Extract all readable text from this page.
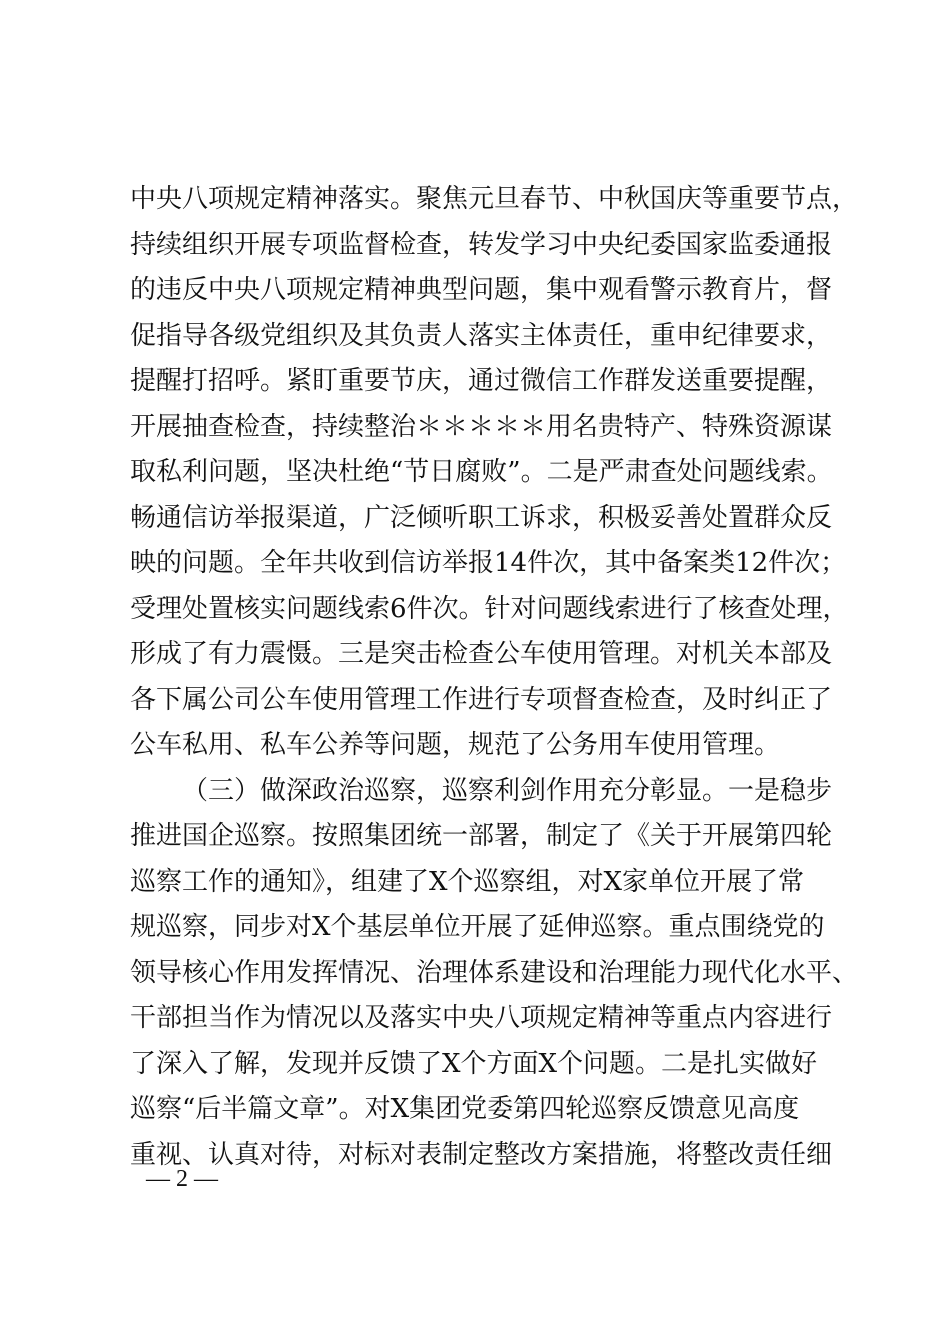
中央八项规定精神落实。聚焦元旦春节、中秋国庆等重要节点，
持续组织开展专项监督检查，转发学习中央纪委国家监委通报
的违反中央八项规定精神典型问题，集中观看警示教育片，督
促指导各级党组织及其负责人落实主体责任，重申纪律要求，
提醒打招呼。紧盯重要节庆，通过微信工作群发送重要提醒，
开展抽查检查，持续整治＊＊＊＊＊用名贵特产、特殊资源谋
取私利问题，坚决杜绝“节日腐败”。二是严肃查处问题线索。
畅通信访举报渠道，广泛倾听职工诉求，积极妥善处置群众反
映的问题。全年共收到信访举报14件次，其中备案类12件次；
受理处置核实问题线索6件次。针对问题线索进行了核查处理，
形成了有力震慑。三是突击检查公车使用管理。对机关本部及
各下属公司公车使用管理工作进行专项督查检查，及时纠正了
公车私用、私车公养等问题，规范了公务用车使用管理。
（三）做深政治巡察，巡察利剑作用充分彰显。一是稳步
推进国企巡察。按照集团统一部署，制定了《关于开展第四轮
巡察工作的通知》，组建了X个巡察组，对X家单位开展了常
规巡察，同步对X个基层单位开展了延伸巡察。重点围绕党的
领导核心作用发挥情况、治理体系建设和治理能力现代化水平、
干部担当作为情况以及落实中央八项规定精神等重点内容进行
了深入了解，发现并反馈了X个方面X个问题。二是扎实做好
巡察“后半篇文章”。对X集团党委第四轮巡察反馈意见高度
重视、认真对待，对标对表制定整改方案措施，将整改责任细
— 2 —
